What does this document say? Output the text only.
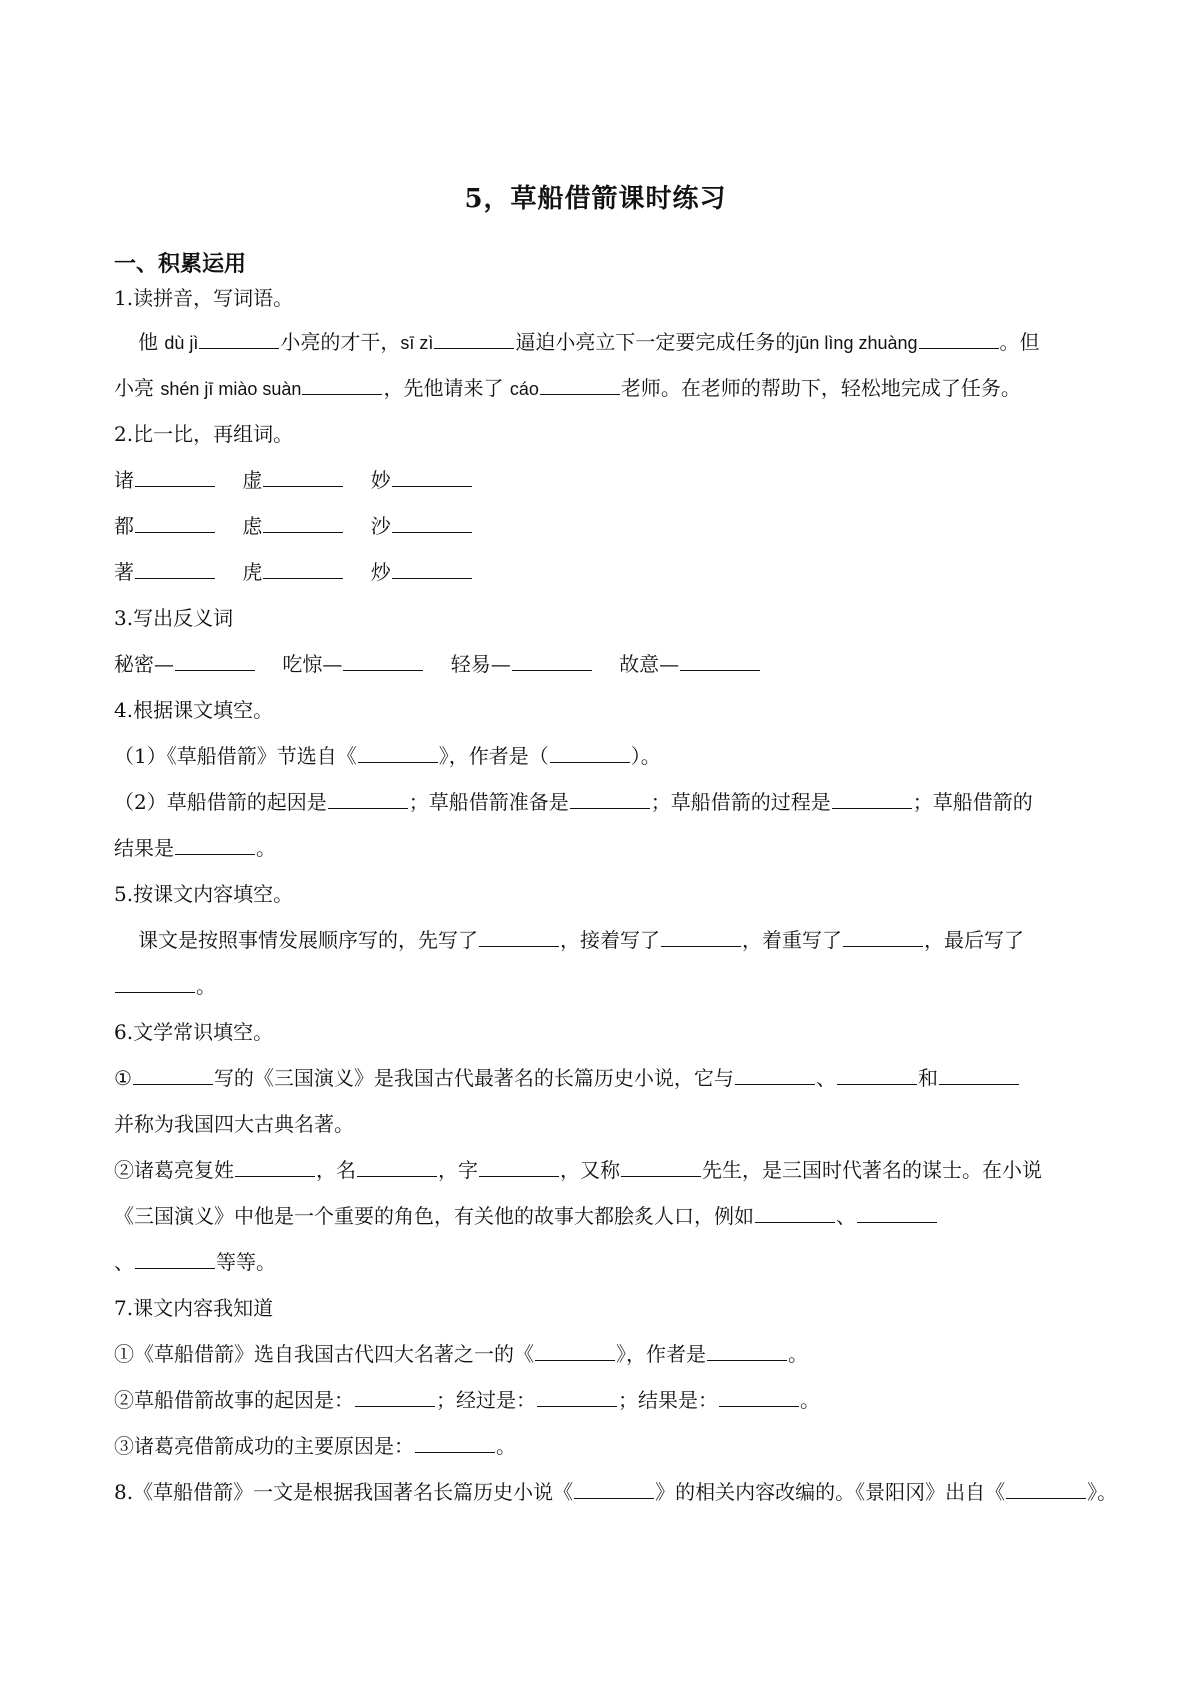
5，草船借箭课时练习
一、积累运用
1.读拼音，写词语。
他 dù jì	小亮的才干，sī zì	逼迫小亮立下一定要完成任务的jūn lìng zhuàng	。但
小亮 shén jī miào suàn	，先他请来了 cáo	老师。在老师的帮助下，轻松地完成了任务。
2.比一比，再组词。
诸	虚	妙
都	虑	沙
著	虎	炒
3.写出反义词
秘密—	吃惊—	轻易—	故意—
4.根据课文填空。
（1）《草船借箭》节选自《	》，作者是（	）。
（2）草船借箭的起因是	；草船借箭准备是	；草船借箭的过程是	；草船借箭的
结果是	。
5.按课文内容填空。
课文是按照事情发展顺序写的，先写了	，接着写了	，着重写了	，最后写了
。
6.文学常识填空。
①	写的《三国演义》是我国古代最著名的长篇历史小说，它与	、	和
并称为我国四大古典名著。
②诸葛亮复姓	，名	，字	，又称	先生，是三国时代著名的谋士。在小说
《三国演义》中他是一个重要的角色，有关他的故事大都脍炙人口，例如	、
、	等等。
7.课文内容我知道
①《草船借箭》选自我国古代四大名著之一的《	》，作者是	。
②草船借箭故事的起因是：	；经过是：	；结果是：	。
③诸葛亮借箭成功的主要原因是：	。
8.《草船借箭》一文是根据我国著名长篇历史小说《	》的相关内容改编的。《景阳冈》出自《	》。
